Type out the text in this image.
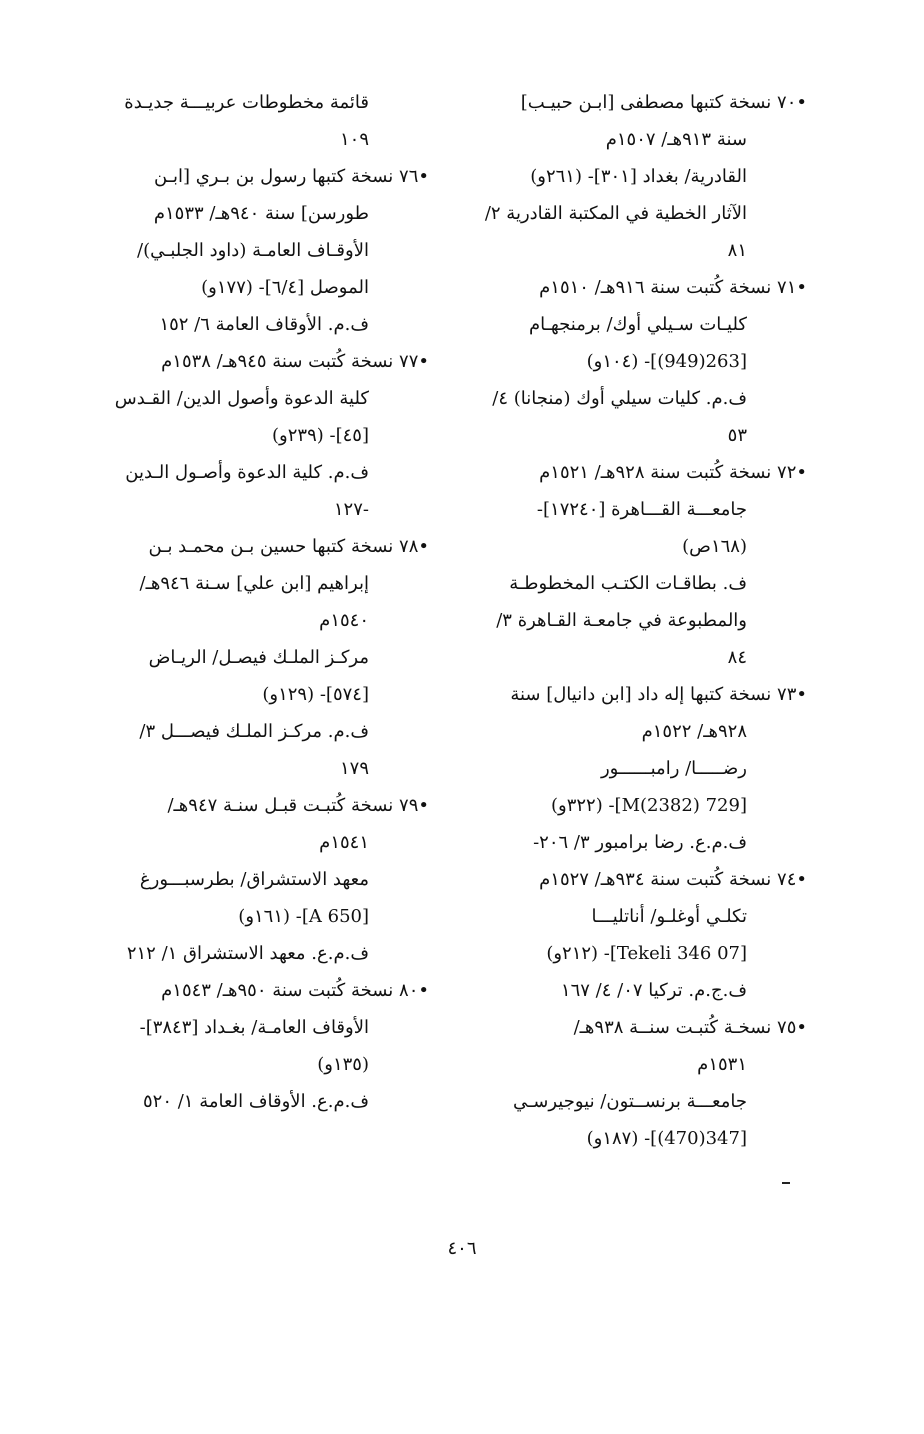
•٧٠ نسخة كتبها مصطفى [ابـن حبيـب]
سنة ٩١٣هـ/ ١٥٠٧م
القادرية/ بغداد [٣٠١]- (٢٦١و)
الآثار الخطية في المكتبة القادرية ٢/
٨١
•٧١ نسخة كُتبت سنة ٩١٦هـ/ ١٥١٠م
كليـات سـيلي أوك/ برمنجهـام
[263(949)]- (١٠٤و)
ف.م. كليات سيلي أوك (منجانا) ٤/
٥٣
•٧٢ نسخة كُتبت سنة ٩٢٨هـ/ ١٥٢١م
جامعـــة القـــاهرة [١٧٢٤٠]-
(١٦٨ص)
ف. بطاقـات الكتـب المخطوطـة
والمطبوعة في جامعـة القـاهرة ٣/
٨٤
•٧٣ نسخة كتبها إله داد [ابن دانيال] سنة
٩٢٨هـ/ ١٥٢٢م
رضـــــا/ رامبــــــور
[729 M(2382)]- (٣٢٢و)
ف.م.ع. رضا برامبور ٣/ ٢٠٦-
•٧٤ نسخة كُتبت سنة ٩٣٤هـ/ ١٥٢٧م
تكلـي أوغلـو/ أناتليـــا
[07 Tekeli 346]- (٢١٢و)
ف.ج.م. تركيا ٠٧/ ٤/ ١٦٧
•٧٥ نسخـة كُتبـت سنــة ٩٣٨هـ/
١٥٣١م
جامعـــة برنســتون/ نيوجيرسـي
[347(470)]- (١٨٧و)
قائمة مخطوطات عربيـــة جديـدة
١٠٩
•٧٦ نسخة كتبها رسول بن بـري [ابـن
طورسن] سنة ٩٤٠هـ/ ١٥٣٣م
الأوقـاف العامـة (داود الجلبـي)/
الموصل [٦/٤]- (١٧٧و)
ف.م. الأوقاف العامة ٦/ ١٥٢
•٧٧ نسخة كُتبت سنة ٩٤٥هـ/ ١٥٣٨م
كلية الدعوة وأصول الدين/ القـدس
[٤٥]- (٢٣٩و)
ف.م. كلية الدعوة وأصـول الـدين
-١٢٧
•٧٨ نسخة كتبها حسين بـن محمـد بـن
إبراهيم [ابن علي] سـنة ٩٤٦هـ/
١٥٤٠م
مركـز الملـك فيصـل/ الريـاض
[٥٧٤]- (١٢٩و)
ف.م. مركـز الملـك فيصـــل ٣/
١٧٩
•٧٩ نسخة كُتبـت قبـل سنـة ٩٤٧هـ/
١٥٤١م
معهد الاستشراق/ بطرسبـــورغ
[A 650]- (١٦١و)
ف.م.ع. معهد الاستشراق ١/ ٢١٢
•٨٠ نسخة كُتبت سنة ٩٥٠هـ/ ١٥٤٣م
الأوقاف العامـة/ بغـداد [٣٨٤٣]-
(١٣٥و)
ف.م.ع. الأوقاف العامة ١/ ٥٢٠
٤٠٦
